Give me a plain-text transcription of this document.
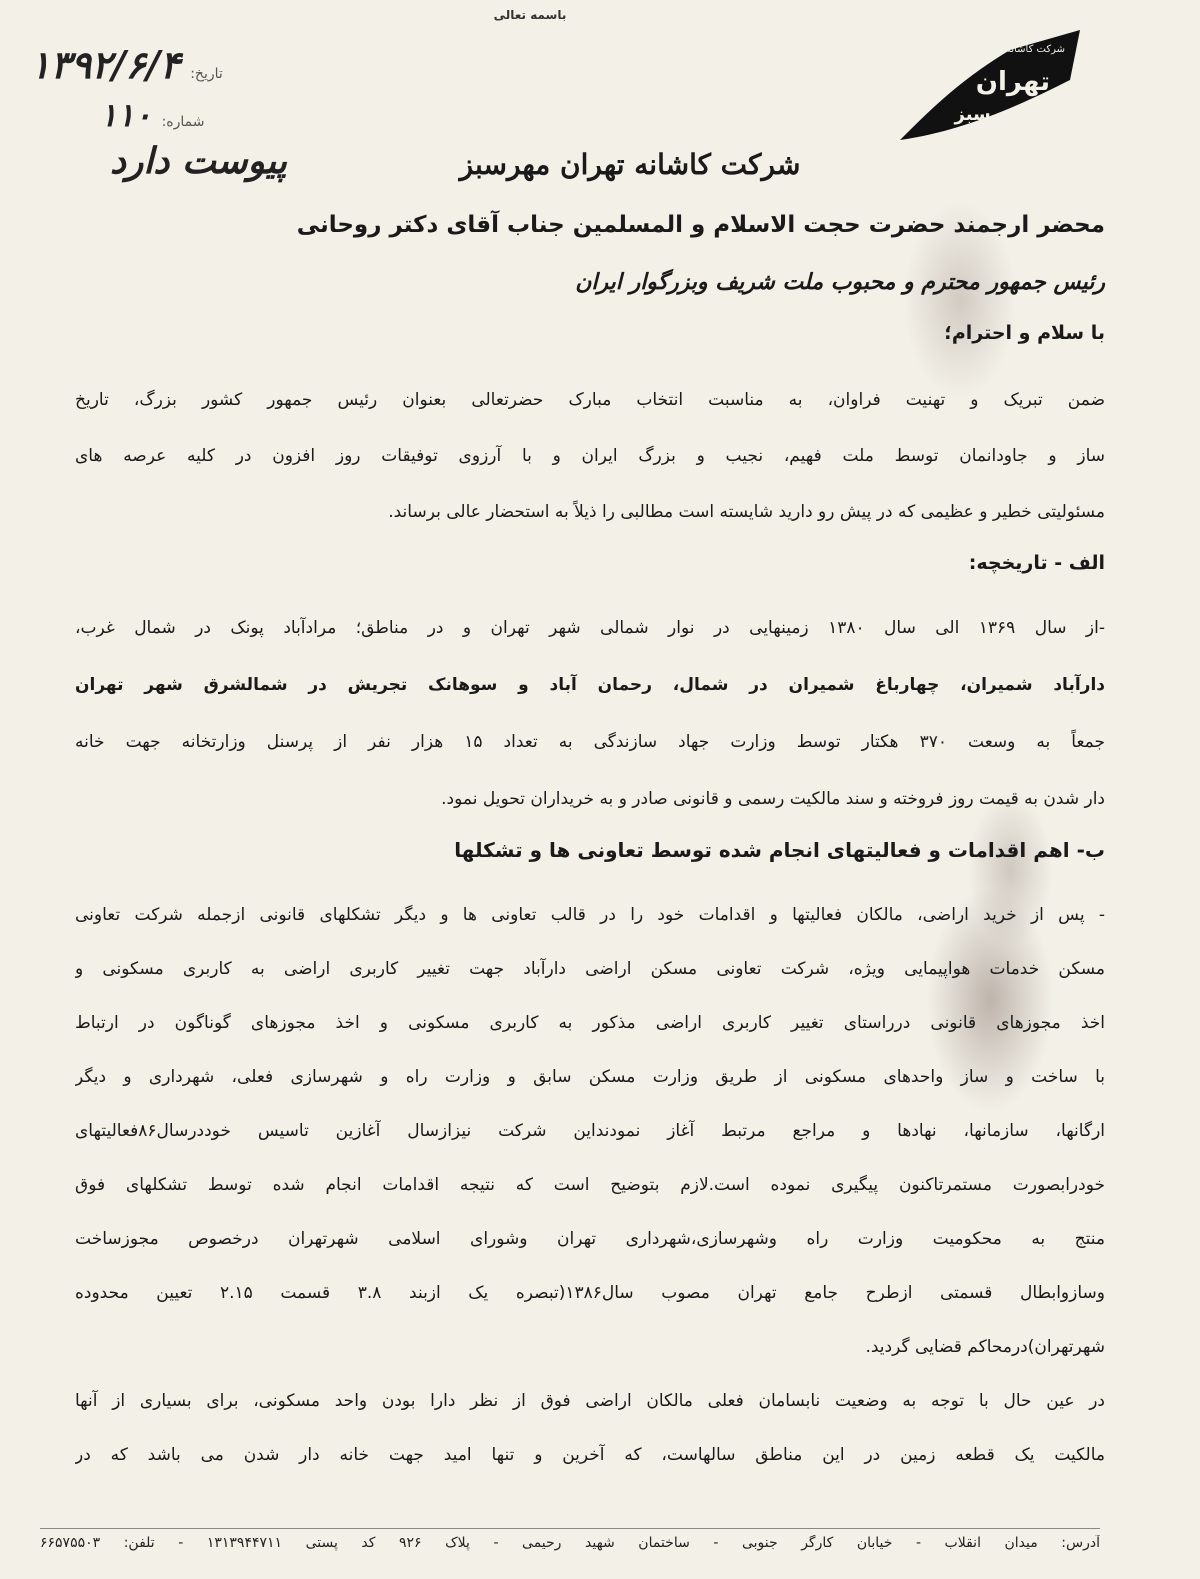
باسمه تعالی
تاریخ:
۱۳۹۲/۶/۴
شماره:
۱۱۰
پیوست دارد
شرکت کاشانه
تهران
مهرسبز
شرکت کاشانه تهران مهرسبز
محضر ارجمند حضرت حجت الاسلام و المسلمین جناب آقای دکتر روحانی
رئیس جمهور محترم و محبوب ملت شریف وبزرگوار ایران
با سلام و احترام؛
ضمن تبریک و تهنیت فراوان، به مناسبت انتخاب مبارک حضرتعالی بعنوان رئیس جمهور کشور بزرگ، تاریخ
ساز و جاودانمان توسط ملت فهیم، نجیب و بزرگ ایران و با آرزوی توفیقات روز افزون در کلیه عرصه های
مسئولیتی خطیر و عظیمی که در پیش رو دارید شایسته است مطالبی را ذیلاً به استحضار عالی برساند.
الف - تاریخچه:
-از سال ۱۳۶۹ الی سال ۱۳۸۰ زمینهایی در نوار شمالی شهر تهران و در مناطق؛ مرادآباد پونک در شمال غرب،
دارآباد شمیران، چهارباغ شمیران در شمال، رحمان آباد و سوهانک تجریش در شمالشرق شهر تهران
جمعاً به وسعت ۳۷۰ هکتار توسط وزارت جهاد سازندگی به تعداد ۱۵ هزار نفر از پرسنل وزارتخانه جهت خانه
دار شدن به قیمت روز فروخته و سند مالکیت رسمی و قانونی صادر و به خریداران تحویل نمود.
ب- اهم اقدامات و فعالیتهای انجام شده توسط تعاونی ها و تشکلها
- پس از خرید اراضی، مالکان فعالیتها و اقدامات خود را در قالب تعاونی ها و دیگر تشکلهای قانونی ازجمله شرکت تعاونی
مسکن خدمات هواپیمایی ویژه، شرکت تعاونی مسکن اراضی دارآباد جهت تغییر کاربری اراضی به کاربری مسکونی و
اخذ مجوزهای قانونی درراستای تغییر کاربری اراضی مذکور به کاربری مسکونی و اخذ مجوزهای گوناگون در ارتباط
با ساخت و ساز واحدهای مسکونی از طریق وزارت مسکن سابق و وزارت راه و شهرسازی فعلی، شهرداری و دیگر
ارگانها، سازمانها، نهادها و مراجع مرتبط آغاز نمودنداین شرکت نیزازسال آغازین تاسیس خوددرسال۸۶فعالیتهای
خودرابصورت مستمرتاکنون پیگیری نموده است.لازم بتوضیح است که نتیجه اقدامات انجام شده توسط تشکلهای فوق
منتج به محکومیت وزارت راه وشهرسازی،شهرداری تهران وشورای اسلامی شهرتهران درخصوص مجوزساخت
وسازوابطال قسمتی ازطرح جامع تهران مصوب سال۱۳۸۶(تبصره یک ازبند ۳.۸ قسمت ۲.۱۵ تعیین محدوده
شهرتهران)درمحاکم قضایی گردید.
در عین حال با توجه به وضعیت نابسامان فعلی مالکان اراضی فوق از نظر دارا بودن واحد مسکونی، برای بسیاری از آنها
مالکیت یک قطعه زمین در این مناطق سالهاست، که آخرین و تنها امید جهت خانه دار شدن می باشد که در
آدرس: میدان انقلاب - خیابان کارگر جنوبی - ساختمان شهید رحیمی - پلاک ۹۲۶ کد پستی ۱۳۱۳۹۴۴۷۱۱ - تلفن: ۶۶۵۷۵۵۰۳
